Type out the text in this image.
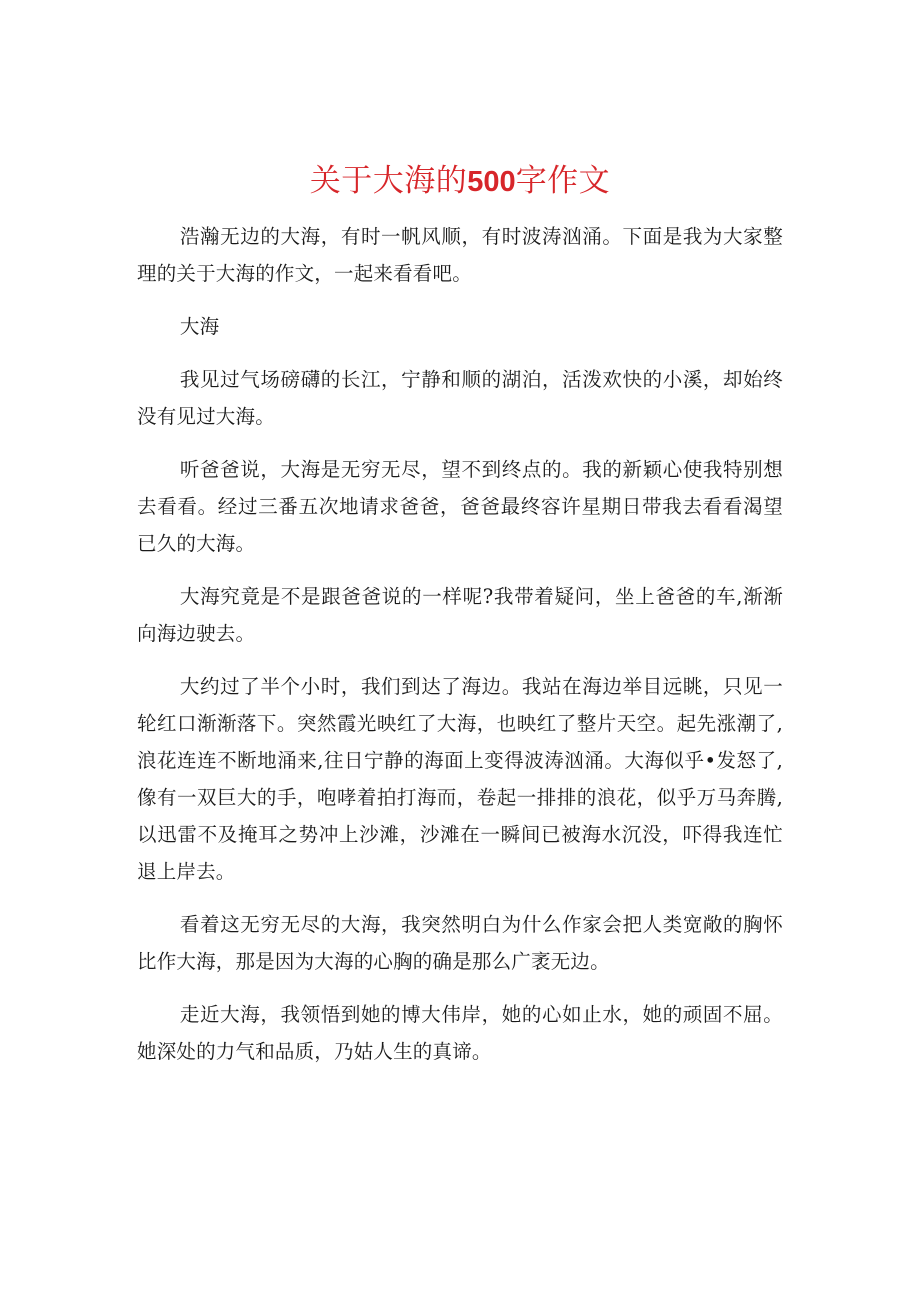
关于大海的500字作文

浩瀚无边的大海，有时一帆风顺，有时波涛汹涌。下面是我为大家整理的关于大海的作文，一起来看看吧。

大海

我见过气场磅礴的长江，宁静和顺的湖泊，活泼欢快的小溪，却始终没有见过大海。

听爸爸说，大海是无穷无尽，望不到终点的。我的新颖心使我特别想去看看。经过三番五次地请求爸爸，爸爸最终容许星期日带我去看看渴望已久的大海。

大海究竟是不是跟爸爸说的一样呢?我带着疑问，坐上爸爸的车,渐渐向海边驶去。

大约过了半个小时，我们到达了海边。我站在海边举目远眺，只见一轮红口渐渐落下。突然霞光映红了大海，也映红了整片天空。起先涨潮了,浪花连连不断地涌来,往日宁静的海面上变得波涛汹涌。大海似乎•发怒了,像有一双巨大的手，咆哮着拍打海而，卷起一排排的浪花，似乎万马奔腾,以迅雷不及掩耳之势冲上沙滩，沙滩在一瞬间已被海水沉没，吓得我连忙退上岸去。

看着这无穷无尽的大海，我突然明白为什么作家会把人类宽敞的胸怀比作大海，那是因为大海的心胸的确是那么广袤无边。

走近大海，我领悟到她的博大伟岸，她的心如止水，她的顽固不屈。她深处的力气和品质，乃姑人生的真谛。
